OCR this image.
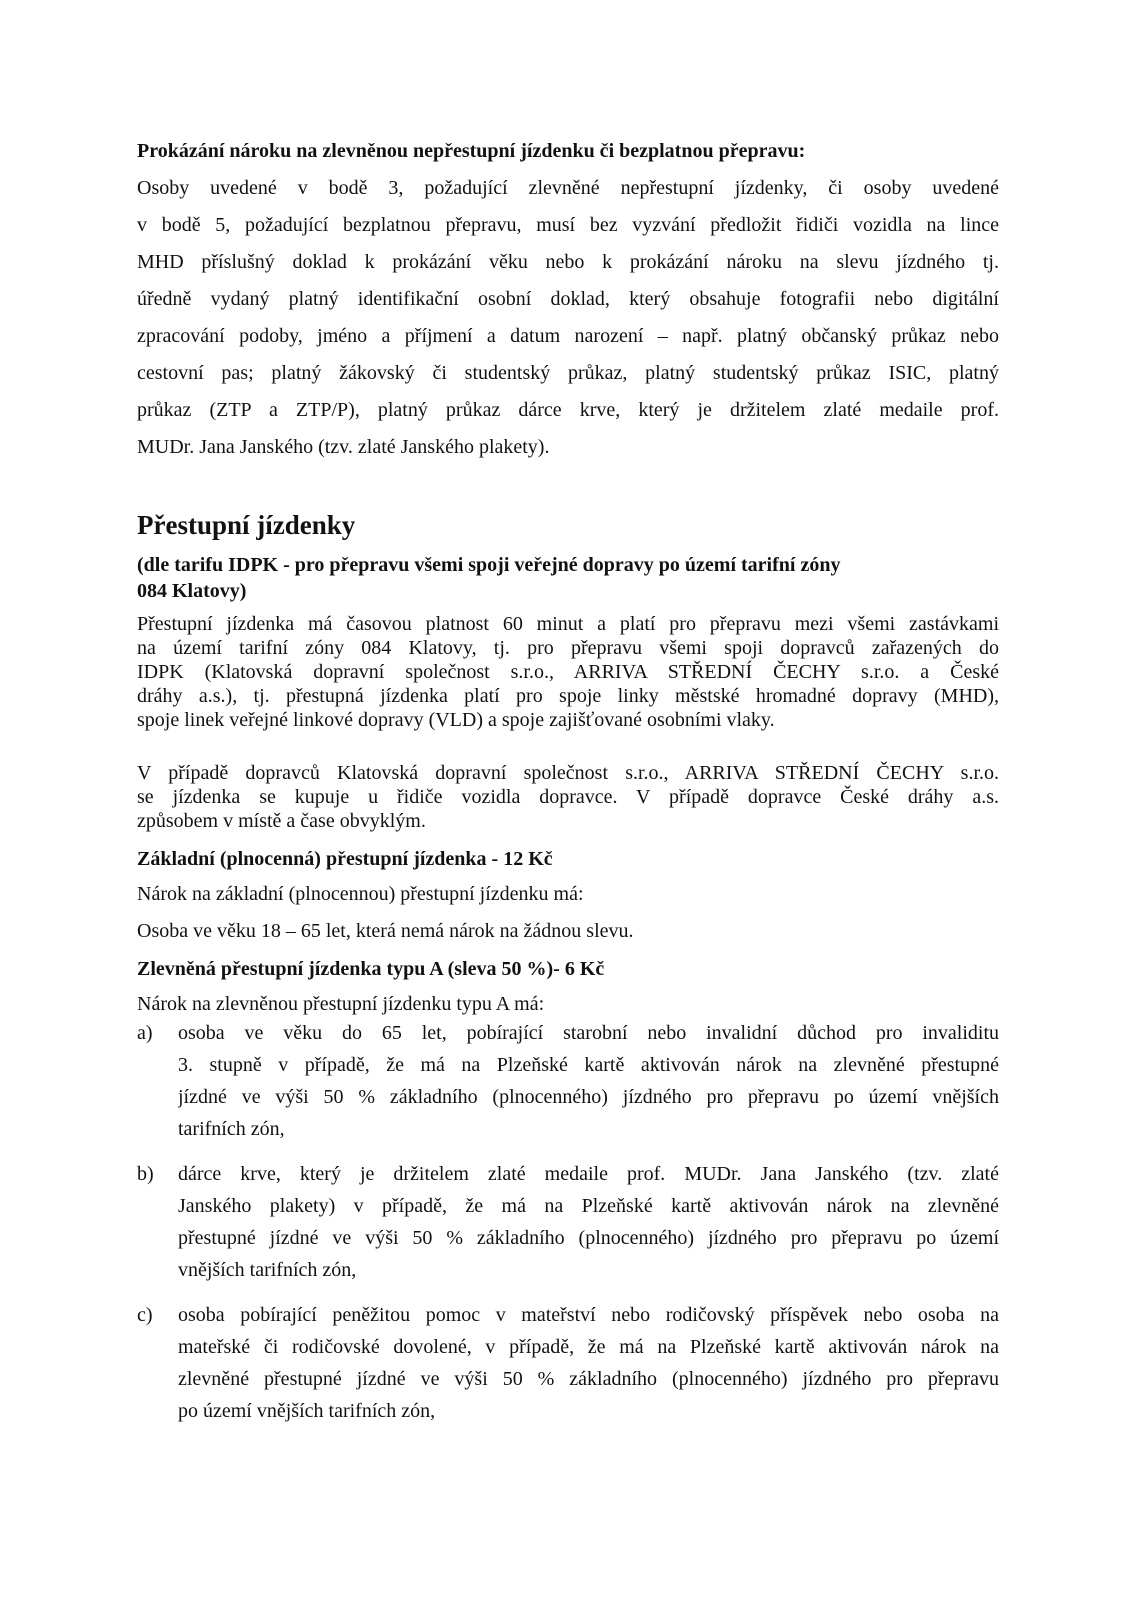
Prokázání nároku na zlevněnou nepřestupní jízdenku či bezplatnou přepravu:
Osoby uvedené v bodě 3, požadující zlevněné nepřestupní jízdenky, či osoby uvedené
v bodě 5, požadující bezplatnou přepravu, musí bez vyzvání předložit řidiči vozidla na lince
MHD příslušný doklad k prokázání věku nebo k prokázání nároku na slevu jízdného tj.
úředně vydaný platný identifikační osobní doklad, který obsahuje fotografii nebo digitální
zpracování podoby, jméno a příjmení a datum narození – např. platný občanský průkaz nebo
cestovní pas; platný žákovský či studentský průkaz, platný studentský průkaz ISIC, platný
průkaz (ZTP a ZTP/P), platný průkaz dárce krve, který je držitelem zlaté medaile prof.
MUDr. Jana Janského (tzv. zlaté Janského plakety).
Přestupní jízdenky
(dle tarifu IDPK - pro přepravu všemi spoji veřejné dopravy po území tarifní zóny
084 Klatovy)
Přestupní jízdenka má časovou platnost 60 minut a platí pro přepravu mezi všemi zastávkami
na území tarifní zóny 084 Klatovy, tj. pro přepravu všemi spoji dopravců zařazených do
IDPK (Klatovská dopravní společnost s.r.o., ARRIVA STŘEDNÍ ČECHY s.r.o. a České
dráhy a.s.), tj. přestupná jízdenka platí pro spoje linky městské hromadné dopravy (MHD),
spoje linek veřejné linkové dopravy (VLD) a spoje zajišťované osobními vlaky.
V případě dopravců Klatovská dopravní společnost s.r.o., ARRIVA STŘEDNÍ ČECHY s.r.o.
se jízdenka se kupuje u řidiče vozidla dopravce. V případě dopravce České dráhy a.s.
způsobem v místě a čase obvyklým.
Základní (plnocenná) přestupní jízdenka - 12 Kč
Nárok na základní (plnocennou) přestupní jízdenku má:
Osoba ve věku 18 – 65 let, která nemá nárok na žádnou slevu.
Zlevněná přestupní jízdenka typu A (sleva 50 %)- 6 Kč
Nárok na zlevněnou přestupní jízdenku typu A má:
a) osoba ve věku do 65 let, pobírající starobní nebo invalidní důchod pro invaliditu
3. stupně v případě, že má na Plzeňské kartě aktivován nárok na zlevněné přestupné
jízdné ve výši 50 % základního (plnocenného) jízdného pro přepravu po území vnějších
tarifních zón,
b) dárce krve, který je držitelem zlaté medaile prof. MUDr. Jana Janského (tzv. zlaté
Janského plakety) v případě, že má na Plzeňské kartě aktivován nárok na zlevněné
přestupné jízdné ve výši 50 % základního (plnocenného) jízdného pro přepravu po území
vnějších tarifních zón,
c) osoba pobírající peněžitou pomoc v mateřství nebo rodičovský příspěvek nebo osoba na
mateřské či rodičovské dovolené, v případě, že má na Plzeňské kartě aktivován nárok na
zlevněné přestupné jízdné ve výši 50 % základního (plnocenného) jízdného pro přepravu
po území vnějších tarifních zón,
